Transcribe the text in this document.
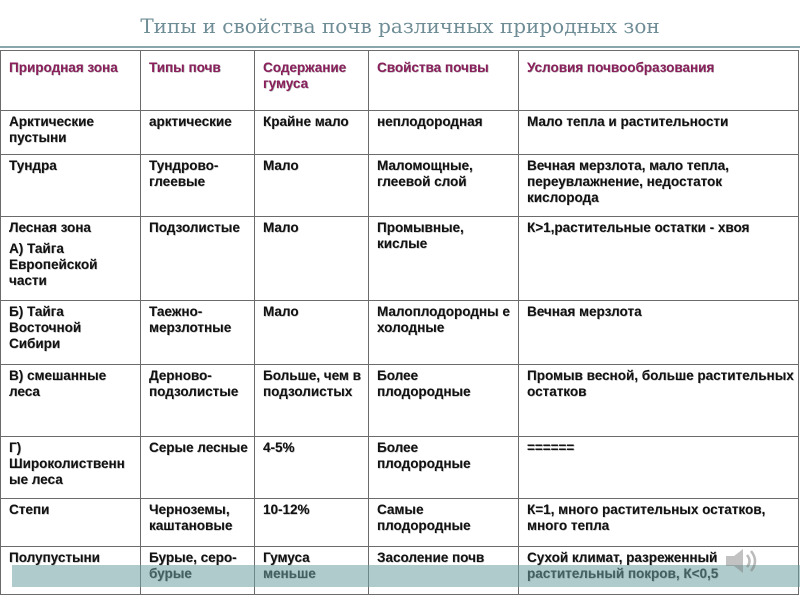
Типы и свойства почв различных природных зон
Природная зона	Типы почв	Содержание гумуса	Свойства почвы	Условия почвообразования
Арктические пустыни	арктические	Крайне мало	неплодородная	Мало тепла и растительности
Тундра	Тундрово-глеевые	Мало	Маломощные, глеевой слой	Вечная мерзлота, мало тепла, переувлажнение, недостаток кислорода
Лесная зона
А) Тайга Европейской части	Подзолистые	Мало	Промывные, кислые	К>1,растительные остатки - хвоя
Б) Тайга Восточной Сибири	Таежно-мерзлотные	Мало	Малоплодородны е холодные	Вечная мерзлота
В) смешанные леса	Дерново-подзолистые	Больше, чем в подзолистых	Более плодородные	Промыв весной, больше растительных остатков
Г) Широколиственн ые леса	Серые лесные	4-5%	Более плодородные	======
Степи	Черноземы, каштановые	10-12%	Самые плодородные	К=1, много растительных остатков, много тепла
Полупустыни	Бурые, серо-	Гумуса	Засоление почв	Сухой климат, разреженный
